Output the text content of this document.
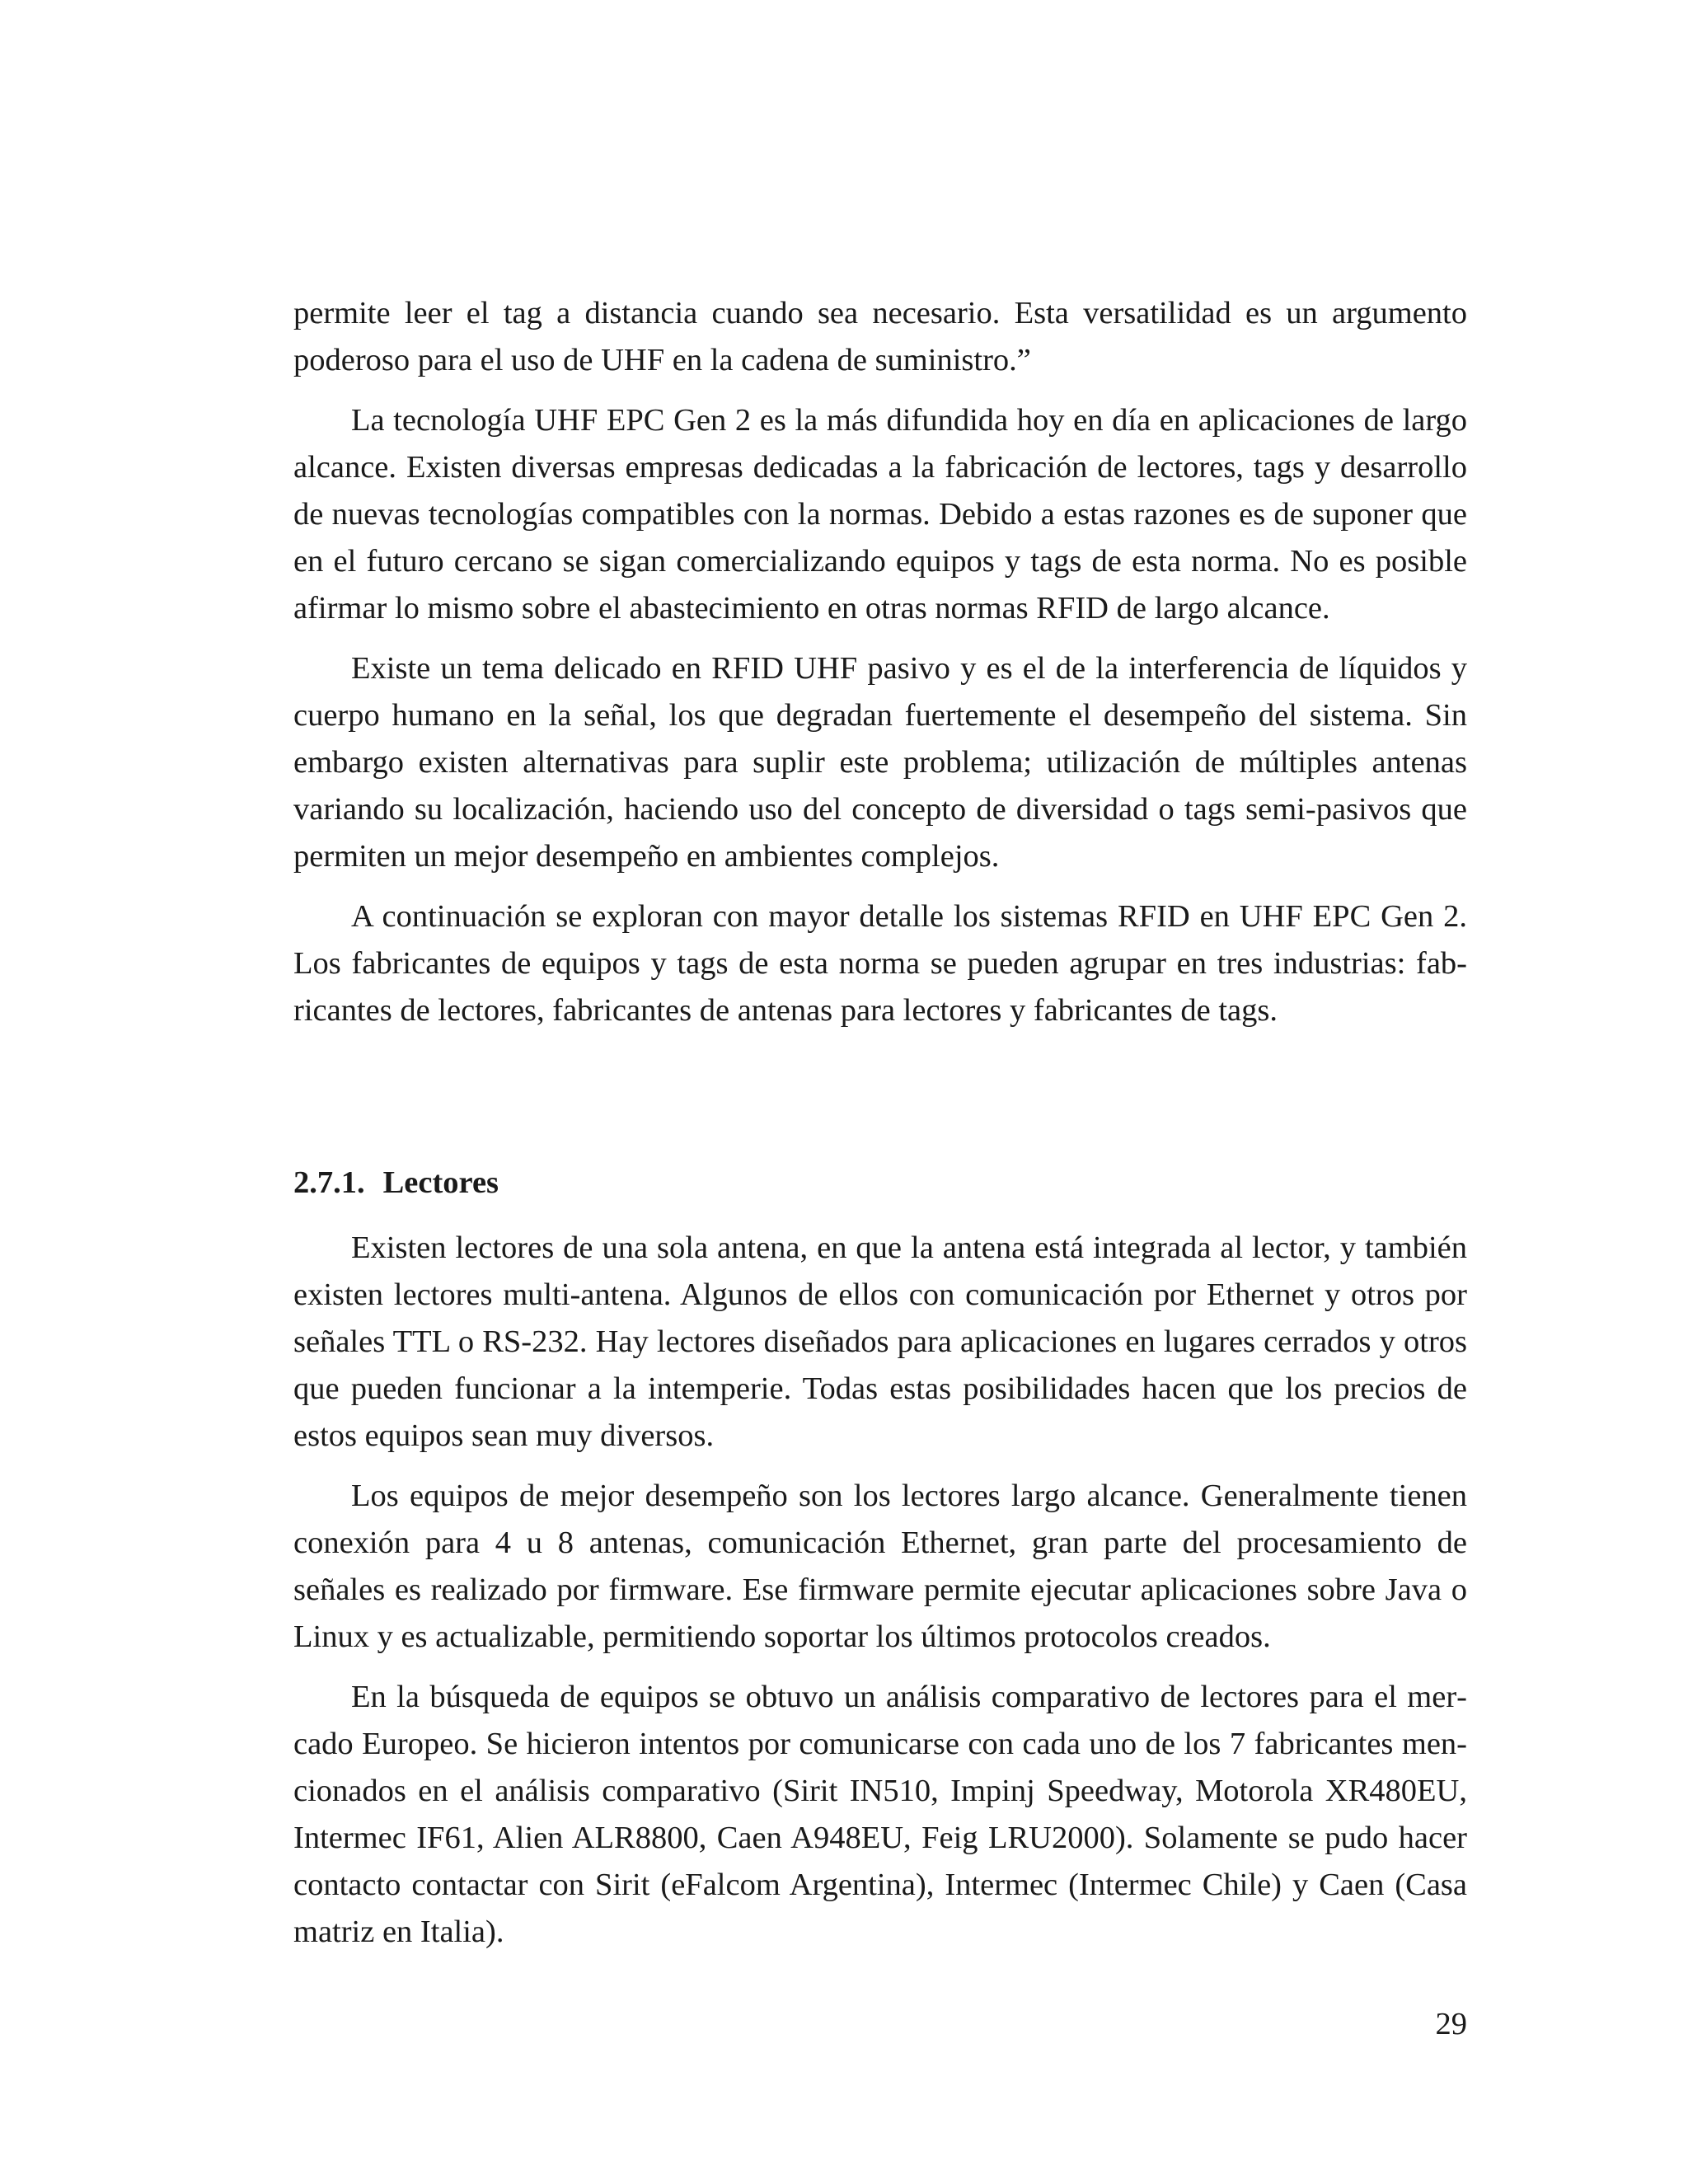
permite leer el tag a distancia cuando sea necesario. Esta versatilidad es un argumento poderoso para el uso de UHF en la cadena de suministro.”

La tecnología UHF EPC Gen 2 es la más difundida hoy en día en aplicaciones de largo alcance. Existen diversas empresas dedicadas a la fabricación de lectores, tags y desarrollo de nuevas tecnologías compatibles con la normas. Debido a estas razones es de suponer que en el futuro cercano se sigan comercializando equipos y tags de esta norma. No es posible afirmar lo mismo sobre el abastecimiento en otras normas RFID de largo alcance.

Existe un tema delicado en RFID UHF pasivo y es el de la interferencia de líquidos y cuerpo humano en la señal, los que degradan fuertemente el desempeño del sistema. Sin embargo existen alternativas para suplir este problema; utilización de múltiples antenas variando su localización, haciendo uso del concepto de diversidad o tags semi-pasivos que permiten un mejor desempeño en ambientes complejos.

A continuación se exploran con mayor detalle los sistemas RFID en UHF EPC Gen 2. Los fabricantes de equipos y tags de esta norma se pueden agrupar en tres industrias: fabricantes de lectores, fabricantes de antenas para lectores y fabricantes de tags.

2.7.1. Lectores

Existen lectores de una sola antena, en que la antena está integrada al lector, y también existen lectores multi-antena. Algunos de ellos con comunicación por Ethernet y otros por señales TTL o RS-232. Hay lectores diseñados para aplicaciones en lugares cerrados y otros que pueden funcionar a la intemperie. Todas estas posibilidades hacen que los precios de estos equipos sean muy diversos.

Los equipos de mejor desempeño son los lectores largo alcance. Generalmente tienen conexión para 4 u 8 antenas, comunicación Ethernet, gran parte del procesamiento de señales es realizado por firmware. Ese firmware permite ejecutar aplicaciones sobre Java o Linux y es actualizable, permitiendo soportar los últimos protocolos creados.

En la búsqueda de equipos se obtuvo un análisis comparativo de lectores para el mercado Europeo. Se hicieron intentos por comunicarse con cada uno de los 7 fabricantes mencionados en el análisis comparativo (Sirit IN510, Impinj Speedway, Motorola XR480EU, Intermec IF61, Alien ALR8800, Caen A948EU, Feig LRU2000). Solamente se pudo hacer contacto contactar con Sirit (eFalcom Argentina), Intermec (Intermec Chile) y Caen (Casa matriz en Italia).

29
